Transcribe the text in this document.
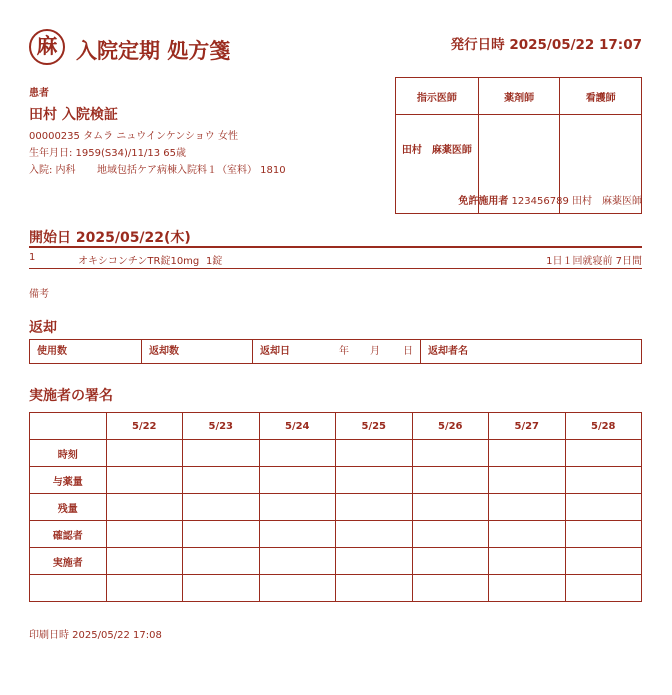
麻 入院定期 処方箋	発行日時 2025/05/22 17:07
患者
田村 入院検証
00000235 タムラ ニュウインケンショウ 女性
生年月日: 1959(S34)/11/13 65歳
入院: 内科 地域包括ケア病棟入院料１（室料） 1810
指示医師	薬剤師	看護師
田村　麻薬医師		
免許施用者 123456789 田村　麻薬医師
開始日 2025/05/22(木)
1	オキシコンチンTR錠10mg 1錠	1日１回就寝前 7日間
備考
返却
使用数	返却数	返却日	年 月 日	返却者名
実施者の署名
	5/22	5/23	5/24	5/25	5/26	5/27	5/28
時刻							
与薬量							
残量							
確認者							
実施者							

印刷日時 2025/05/22 17:08
